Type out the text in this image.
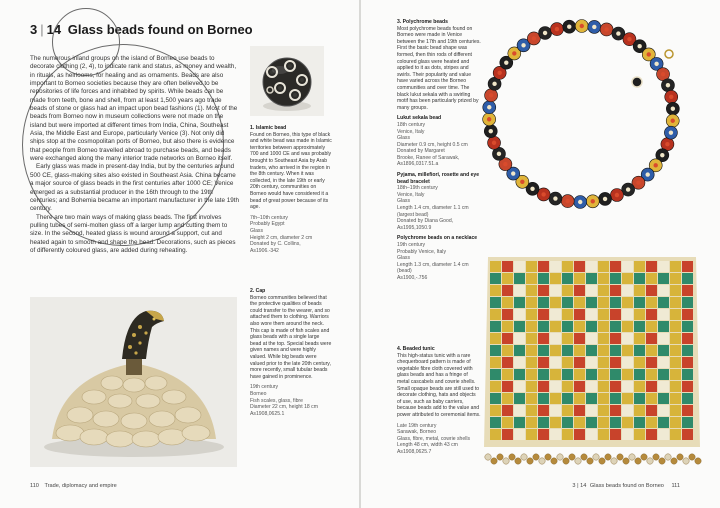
3 | 14 Glass beads found on Borneo

The numerous inland groups on the island of Borneo use beads to decorate clothing (2, 4), to indicate rank and status, as money and wealth, in rituals, as heirlooms, for healing and as ornaments. Beads are also important to Borneo societies because they are often believed to be repositories of life forces and inhabited by spirits. While beads can be made from teeth, bone and shell, from at least 1,500 years ago trade beads of stone or glass had an impact upon bead fashions (1). Most of the beads from Borneo now in museum collections were not made on the island but were imported at different times from India, China, Southeast Asia, the Middle East and Europe, particularly Venice (3). Not only did ships stop at the cosmopolitan ports of Borneo, but also there is evidence that people from Borneo travelled abroad to purchase beads, and beads were exchanged along the many interior trade networks on Borneo itself.

Early glass was made in present-day India, but by the centuries around 500 CE, glass-making sites also existed in Southeast Asia. China became a major source of glass beads in the first centuries after 1000 CE; Venice emerged as a substantial producer in the 16th through to the 19th centuries; and Bohemia became an important manufacturer in the late 19th century.

There are two main ways of making glass beads. The first involves pulling tubes of semi-molten glass off a larger lump and cutting them to size. In the second, heated glass is wound around a support, cut and heated again to smooth and shape the bead. Decorations, such as pieces of differently coloured glass, are added during reheating.

1. Islamic bead
Found on Borneo, this type of black and white bead was made in Islamic territories between approximately 700 and 1000 CE and was probably brought to Southeast Asia by Arab traders, who arrived in the region in the 8th century. When it was collected, in the late 19th or early 20th century, communities on Borneo would have considered it a bead of great power because of its age.
7th–10th century
Probably Egypt
Glass
Height 2 cm, diameter 2 cm
Donated by C. Collins,
As1906.-342
2. Cap
Borneo communities believed that the protective qualities of beads could transfer to the wearer, and so attached them to clothing. Warriors also wore them around the neck. This cap is made of fish scales and glass beads with a single large bead at the top. Special beads were given names and were highly valued. While big beads were valued prior to the late 20th century, more recently, small tubular beads have gained in prominence.
19th century
Borneo
Fish scales, glass, fibre
Diameter 22 cm, height 18 cm
As1908,0625.1
110 Trade, diplomacy and empire
3. Polychrome beads
Most polychrome beads found on Borneo were made in Venice between the 17th and 19th centuries. First the basic bead shape was formed, then thin rods of different coloured glass were heated and applied to it as dots, stripes and swirls. Their popularity and value have varied across the Borneo communities and over time. The black lukut sekala with a swirling motif has been particularly prized by many groups.
Lukut sekala bead
18th century
Venice, Italy
Glass
Diameter 0.9 cm, height 0.5 cm
Donated by Margaret
Brooke, Ranee of Sarawak,
As1896,0317.51.a
Pyjama, millefiori, rosette and eye bead bracelet
18th–19th century
Venice, Italy
Glass
Length 1.4 cm, diameter 1.1 cm
(largest bead)
Donated by Diana Good,
As1995,1050.9
Polychrome beads on a necklace
19th century
Probably Venice, Italy
Glass
Length 1.3 cm, diameter 1.4 cm
(bead)
As1900,-.756
4. Beaded tunic
This high-status tunic with a rare chequerboard pattern is made of vegetable fibre cloth covered with glass beads and has a fringe of metal cascabels and cowrie shells. Small opaque beads are still used to decorate clothing, hats and objects of use, such as baby carriers, because beads add to the value and power attributed to ceremonial items.
Late 19th century
Sarawak, Borneo
Glass, fibre, metal, cowrie shells
Length 48 cm, width 43 cm
As1908,0625.7
3 | 14 Glass beads found on Borneo 111
